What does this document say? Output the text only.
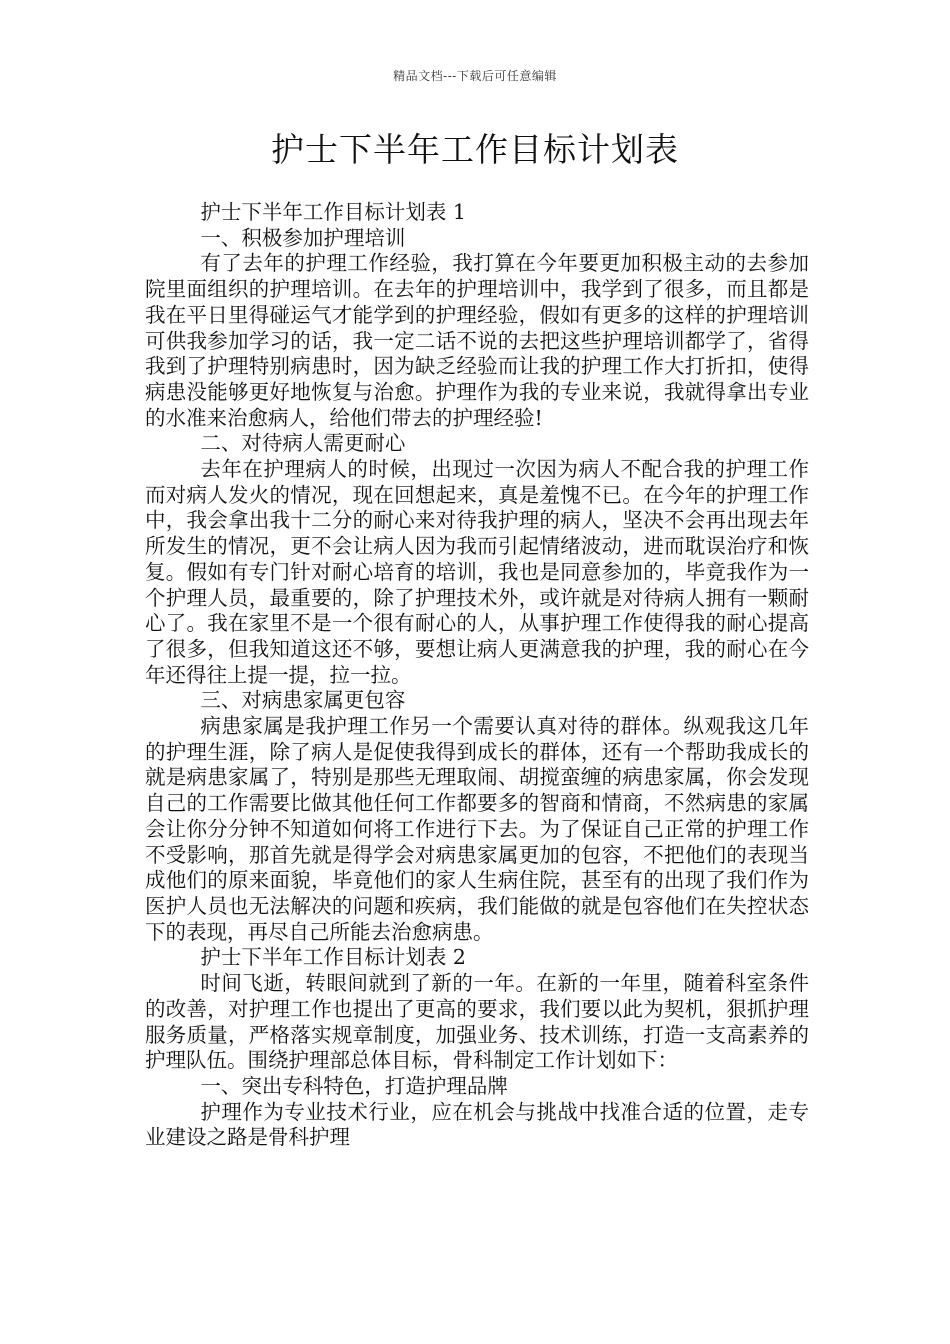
精品文档---下载后可任意编辑
护士下半年工作目标计划表

护士下半年工作目标计划表 1

一、积极参加护理培训

有了去年的护理工作经验，我打算在今年要更加积极主动的去参加院里面组织的护理培训。在去年的护理培训中，我学到了很多，而且都是我在平日里得碰运气才能学到的护理经验，假如有更多的这样的护理培训可供我参加学习的话，我一定二话不说的去把这些护理培训都学了，省得我到了护理特别病患时，因为缺乏经验而让我的护理工作大打折扣，使得病患没能够更好地恢复与治愈。护理作为我的专业来说，我就得拿出专业的水准来治愈病人，给他们带去的护理经验!

二、对待病人需更耐心

去年在护理病人的时候，出现过一次因为病人不配合我的护理工作而对病人发火的情况，现在回想起来，真是羞愧不已。在今年的护理工作中，我会拿出我十二分的耐心来对待我护理的病人，坚决不会再出现去年所发生的情况，更不会让病人因为我而引起情绪波动，进而耽误治疗和恢复。假如有专门针对耐心培育的培训，我也是同意参加的，毕竟我作为一个护理人员，最重要的，除了护理技术外，或许就是对待病人拥有一颗耐心了。我在家里不是一个很有耐心的人，从事护理工作使得我的耐心提高了很多，但我知道这还不够，要想让病人更满意我的护理，我的耐心在今年还得往上提一提，拉一拉。

三、对病患家属更包容

病患家属是我护理工作另一个需要认真对待的群体。纵观我这几年的护理生涯，除了病人是促使我得到成长的群体，还有一个帮助我成长的就是病患家属了，特别是那些无理取闹、胡搅蛮缠的病患家属，你会发现自己的工作需要比做其他任何工作都要多的智商和情商，不然病患的家属会让你分分钟不知道如何将工作进行下去。为了保证自己正常的护理工作不受影响，那首先就是得学会对病患家属更加的包容，不把他们的表现当成他们的原来面貌，毕竟他们的家人生病住院，甚至有的出现了我们作为医护人员也无法解决的问题和疾病，我们能做的就是包容他们在失控状态下的表现，再尽自己所能去治愈病患。

护士下半年工作目标计划表 2

时间飞逝，转眼间就到了新的一年。在新的一年里，随着科室条件的改善，对护理工作也提出了更高的要求，我们要以此为契机，狠抓护理服务质量，严格落实规章制度，加强业务、技术训练，打造一支高素养的护理队伍。围绕护理部总体目标，骨科制定工作计划如下：

一、突出专科特色，打造护理品牌

护理作为专业技术行业，应在机会与挑战中找准合适的位置，走专业建设之路是骨科护理
